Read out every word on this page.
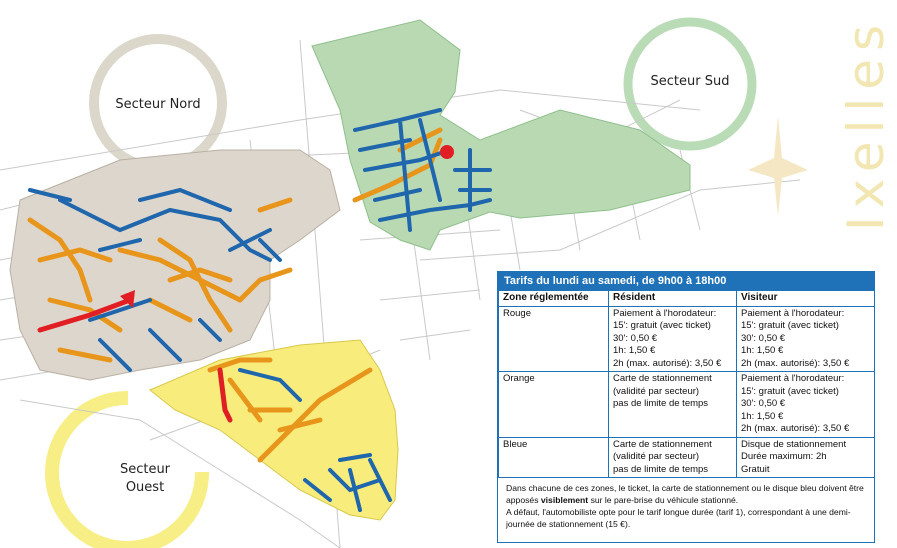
Secteur Nord
Secteur Sud
Secteur
Ouest
Ixelles
Tarifs du lundi au samedi, de 9h00 à 18h00
Zone réglementée	Résident	Visiteur
Rouge	Paiement à l'horodateur:
15': gratuit (avec ticket)
30': 0,50 €
1h: 1,50 €
2h (max. autorisé): 3,50 €	Paiement à l'horodateur:
15': gratuit (avec ticket)
30': 0,50 €
1h: 1,50 €
2h (max. autorisé): 3,50 €

Orange	Carte de stationnement
(validité par secteur)
pas de limite de temps	Paiement à l'horodateur:
15': gratuit (avec ticket)
30': 0,50 €
1h: 1,50 €
2h (max. autorisé): 3,50 €

Bleue	Carte de stationnement
(validité par secteur)
pas de limite de temps	Disque de stationnement
Durée maximum: 2h
Gratuit
Dans chacune de ces zones, le ticket, la carte de stationnement ou le disque bleu doivent être apposés visiblement sur le pare-brise du véhicule stationné.
A défaut, l'automobiliste opte pour le tarif longue durée (tarif 1), correspondant à une demi-journée de stationnement (15 €).
